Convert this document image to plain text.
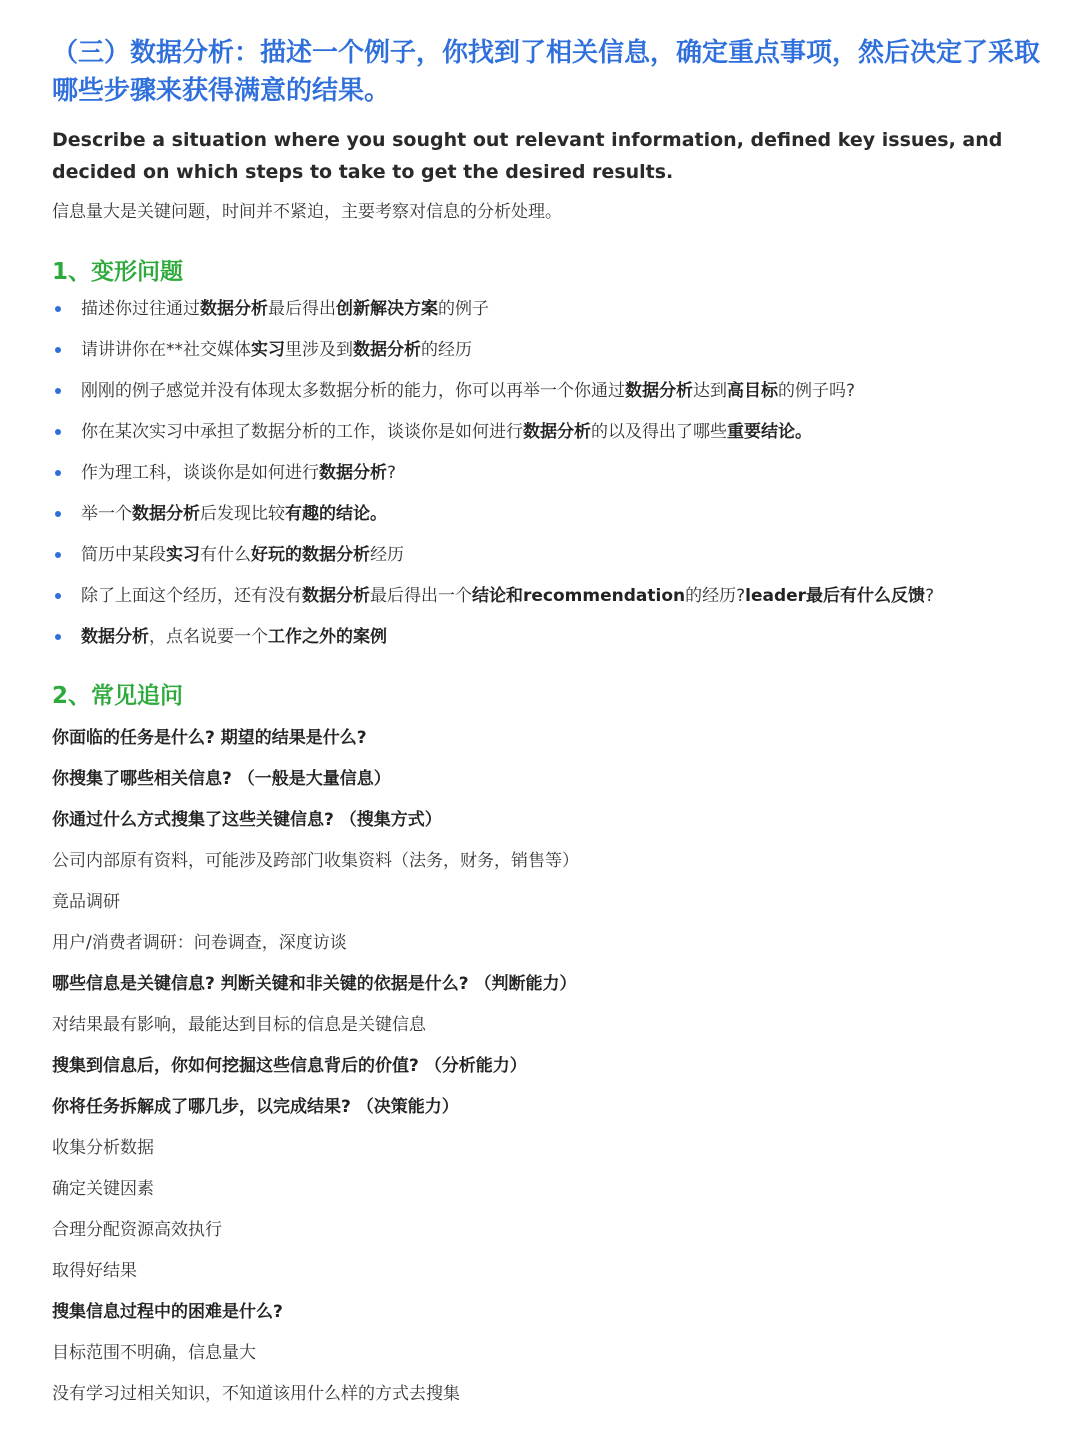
（三）数据分析：描述一个例子，你找到了相关信息，确定重点事项，然后决定了采取哪些步骤来获得满意的结果。

Describe a situation where you sought out relevant information, defined key issues, and decided on which steps to take to get the desired results.

信息量大是关键问题，时间并不紧迫，主要考察对信息的分析处理。

1、变形问题
描述你过往通过数据分析最后得出创新解决方案的例子
请讲讲你在**社交媒体实习里涉及到数据分析的经历
刚刚的例子感觉并没有体现太多数据分析的能力，你可以再举一个你通过数据分析达到高目标的例子吗?
你在某次实习中承担了数据分析的工作，谈谈你是如何进行数据分析的以及得出了哪些重要结论。
作为理工科，谈谈你是如何进行数据分析?
举一个数据分析后发现比较有趣的结论。
简历中某段实习有什么好玩的数据分析经历
除了上面这个经历，还有没有数据分析最后得出一个结论和recommendation的经历?leader最后有什么反馈?
数据分析，点名说要一个工作之外的案例
2、常见追问

你面临的任务是什么? 期望的结果是什么?

你搜集了哪些相关信息? （一般是大量信息）

你通过什么方式搜集了这些关键信息? （搜集方式）

公司内部原有资料，可能涉及跨部门收集资料（法务，财务，销售等）

竟品调研

用户/消费者调研：问卷调查，深度访谈

哪些信息是关键信息? 判断关键和非关键的依据是什么? （判断能力）

对结果最有影响，最能达到目标的信息是关键信息

搜集到信息后，你如何挖掘这些信息背后的价值? （分析能力）

你将任务拆解成了哪几步，以完成结果? （决策能力）

收集分析数据

确定关键因素

合理分配资源高效执行

取得好结果

搜集信息过程中的困难是什么?

目标范围不明确，信息量大

没有学习过相关知识，不知道该用什么样的方式去搜集
